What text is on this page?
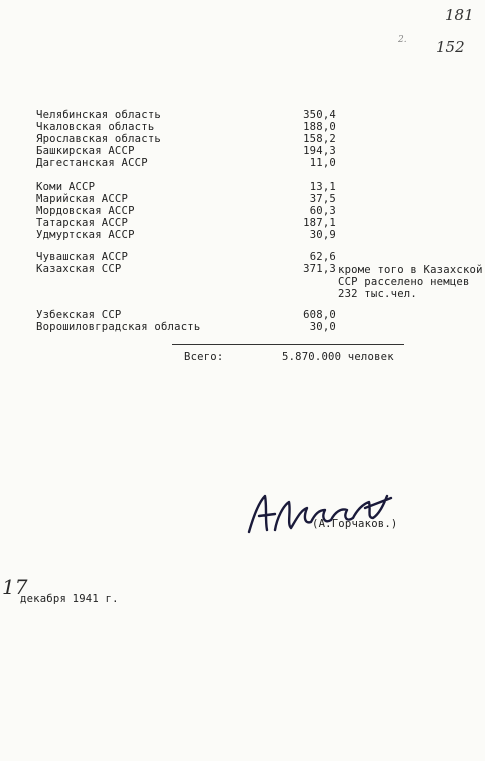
181
152
2.
Челябинская область	350,4
Чкаловская область	188,0
Ярославская область	158,2
Башкирская АССР	194,3
Дагестанская АССР	11,0
Коми АССР	13,1
Марийская АССР	37,5
Мордовская АССР	60,3
Татарская АССР	187,1
Удмуртская АССР	30,9
Чувашская АССР	62,6
Казахская ССР	371,3 кроме того в Казахской
ССР расселено немцев
232 тыс.чел.
Узбекская ССР	608,0
Ворошиловградская область	30,0
Всего:	5.870.000 человек
(А.Горчаков.)
17
декабря 1941 г.
